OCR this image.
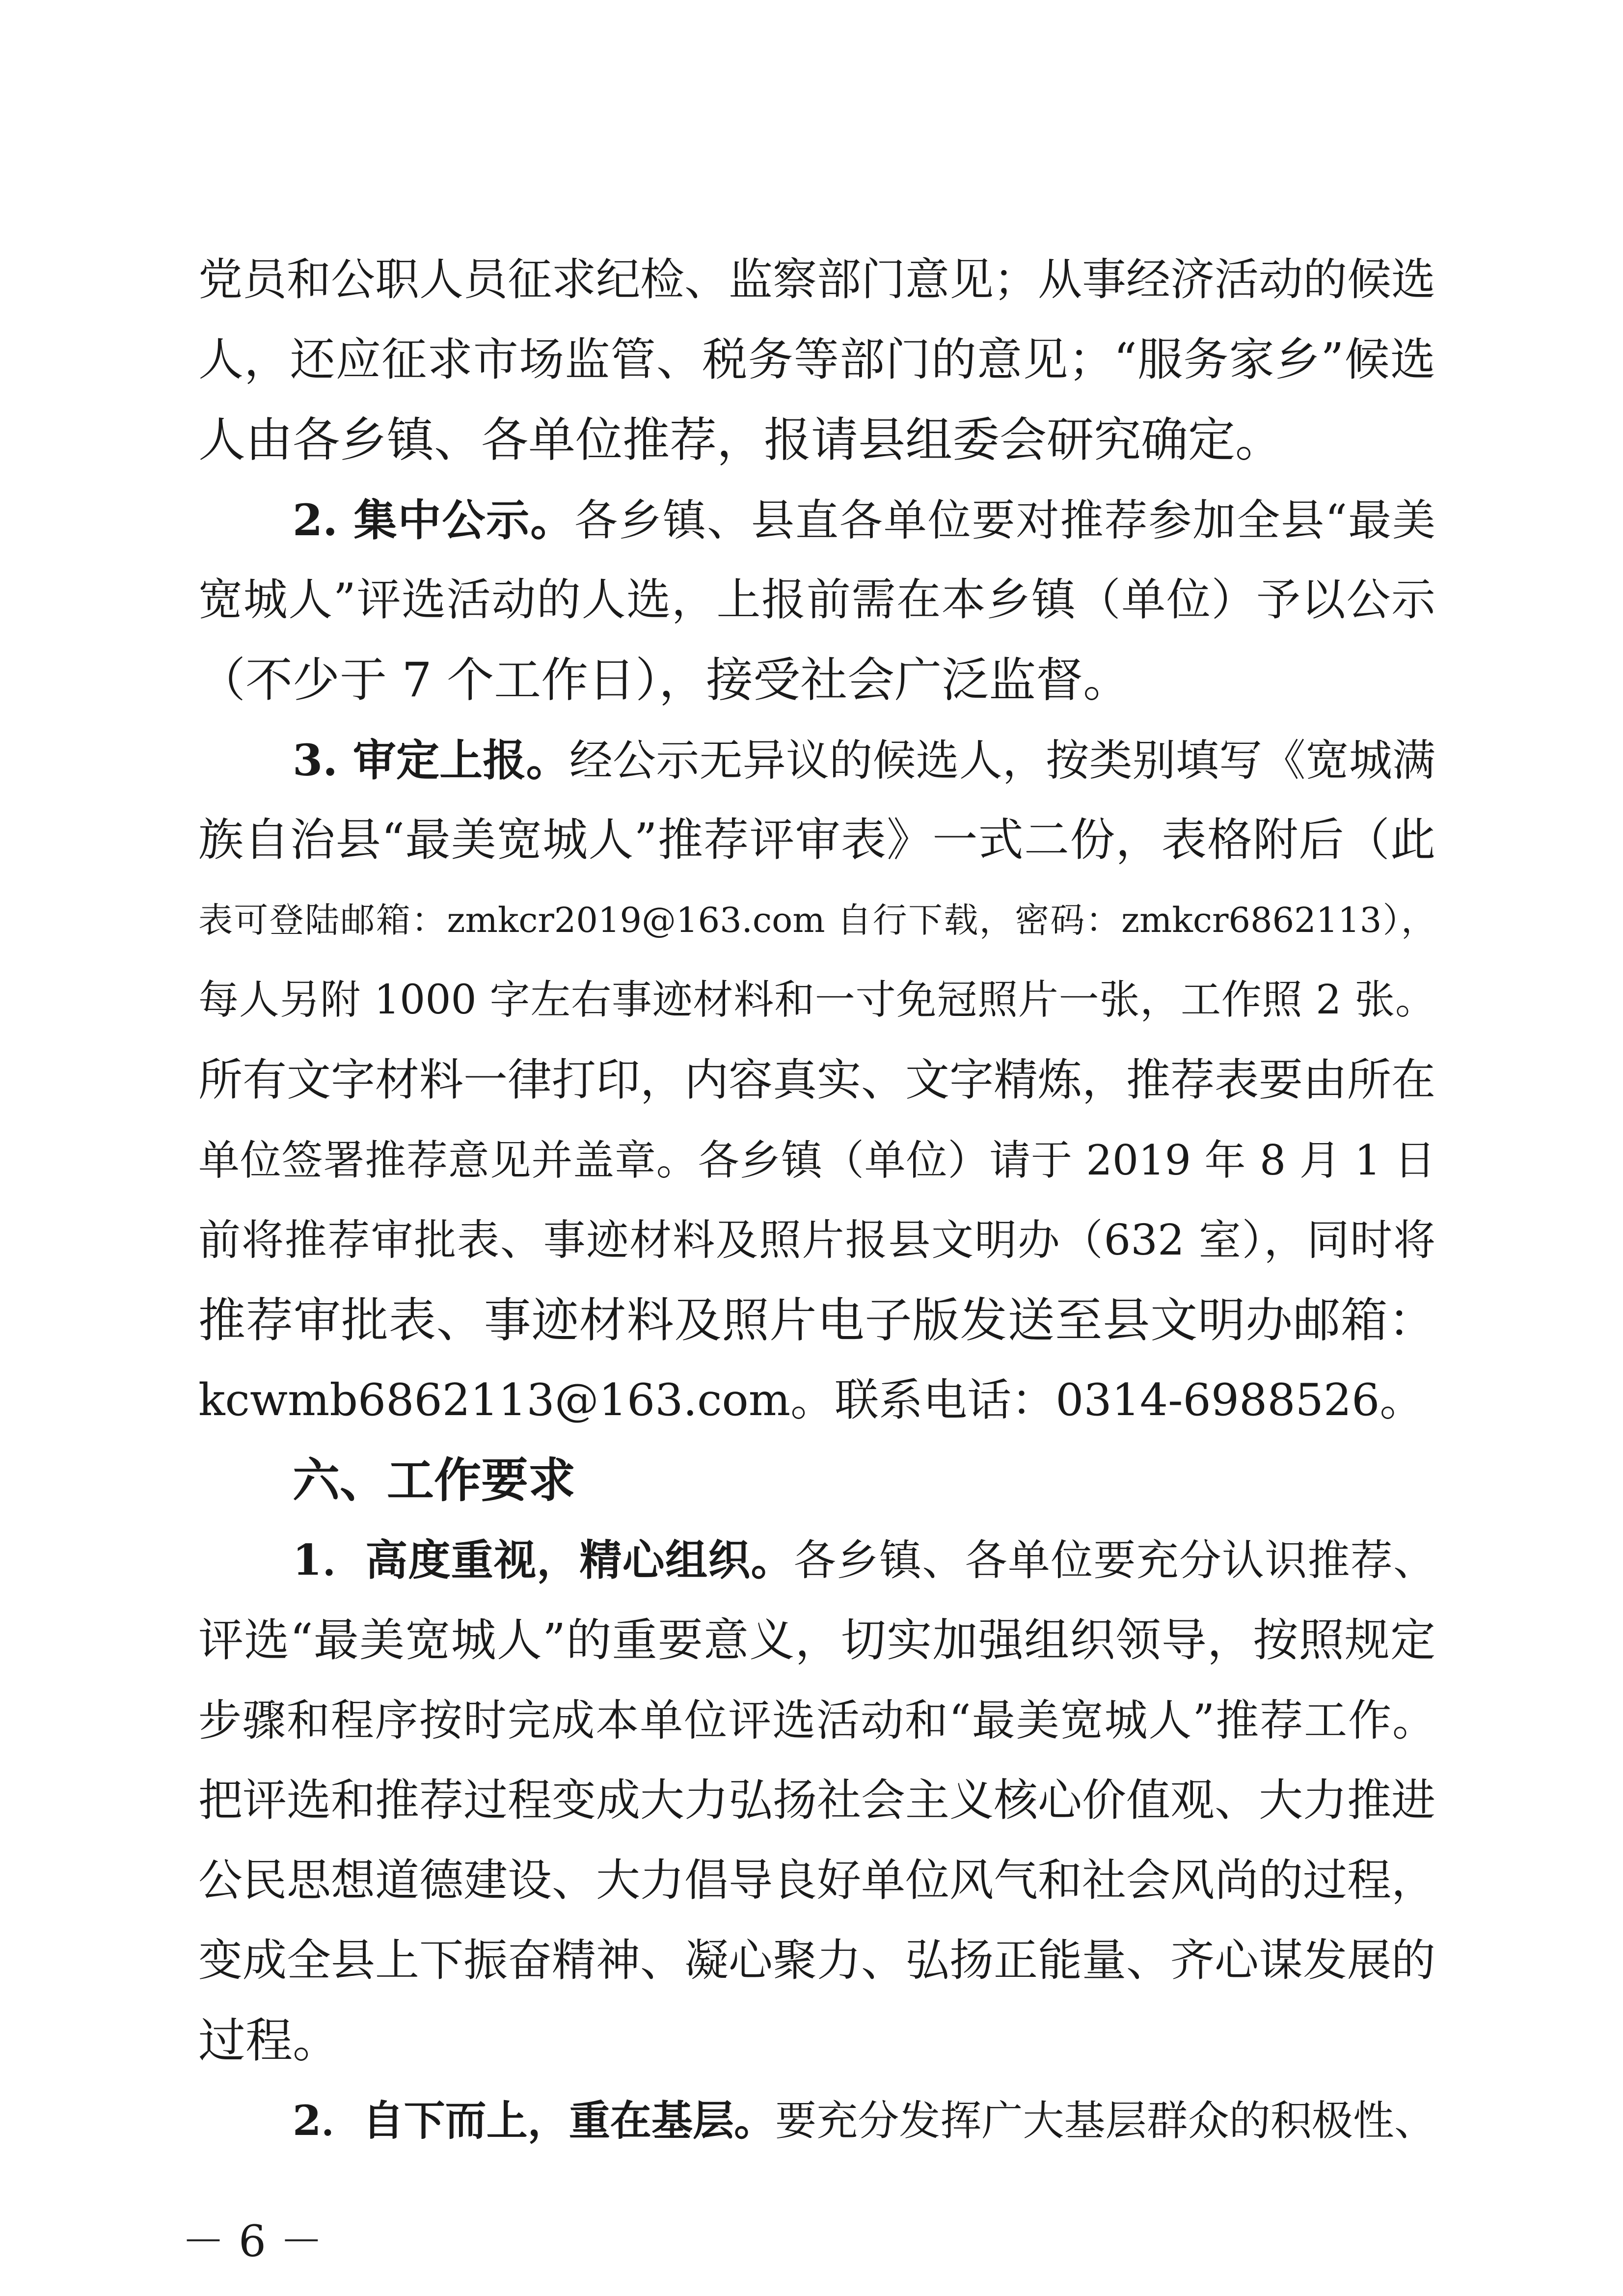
党员和公职人员征求纪检、监察部门意见；从事经济活动的候选
人，还应征求市场监管、税务等部门的意见；“服务家乡”候选
人由各乡镇、各单位推荐，报请县组委会研究确定。
2. 集中公示。各乡镇、县直各单位要对推荐参加全县“最美
宽城人”评选活动的人选，上报前需在本乡镇（单位）予以公示
（不少于 7 个工作日），接受社会广泛监督。
3. 审定上报。经公示无异议的候选人，按类别填写《宽城满
族自治县“最美宽城人”推荐评审表》一式二份，表格附后（此
表可登陆邮箱：zmkcr2019@163.com 自行下载，密码：zmkcr6862113），
每人另附 1000 字左右事迹材料和一寸免冠照片一张，工作照 2 张。
所有文字材料一律打印，内容真实、文字精炼，推荐表要由所在
单位签署推荐意见并盖章。各乡镇（单位）请于 2019 年 8 月 1 日
前将推荐审批表、事迹材料及照片报县文明办（632 室），同时将
推荐审批表、事迹材料及照片电子版发送至县文明办邮箱：
kcwmb6862113@163.com。联系电话：0314-6988526。
六、工作要求
1．高度重视，精心组织。各乡镇、各单位要充分认识推荐、
评选“最美宽城人”的重要意义，切实加强组织领导，按照规定
步骤和程序按时完成本单位评选活动和“最美宽城人”推荐工作。
把评选和推荐过程变成大力弘扬社会主义核心价值观、大力推进
公民思想道德建设、大力倡导良好单位风气和社会风尚的过程，
变成全县上下振奋精神、凝心聚力、弘扬正能量、齐心谋发展的
过程。
2．自下而上，重在基层。要充分发挥广大基层群众的积极性、
－ 6 －
